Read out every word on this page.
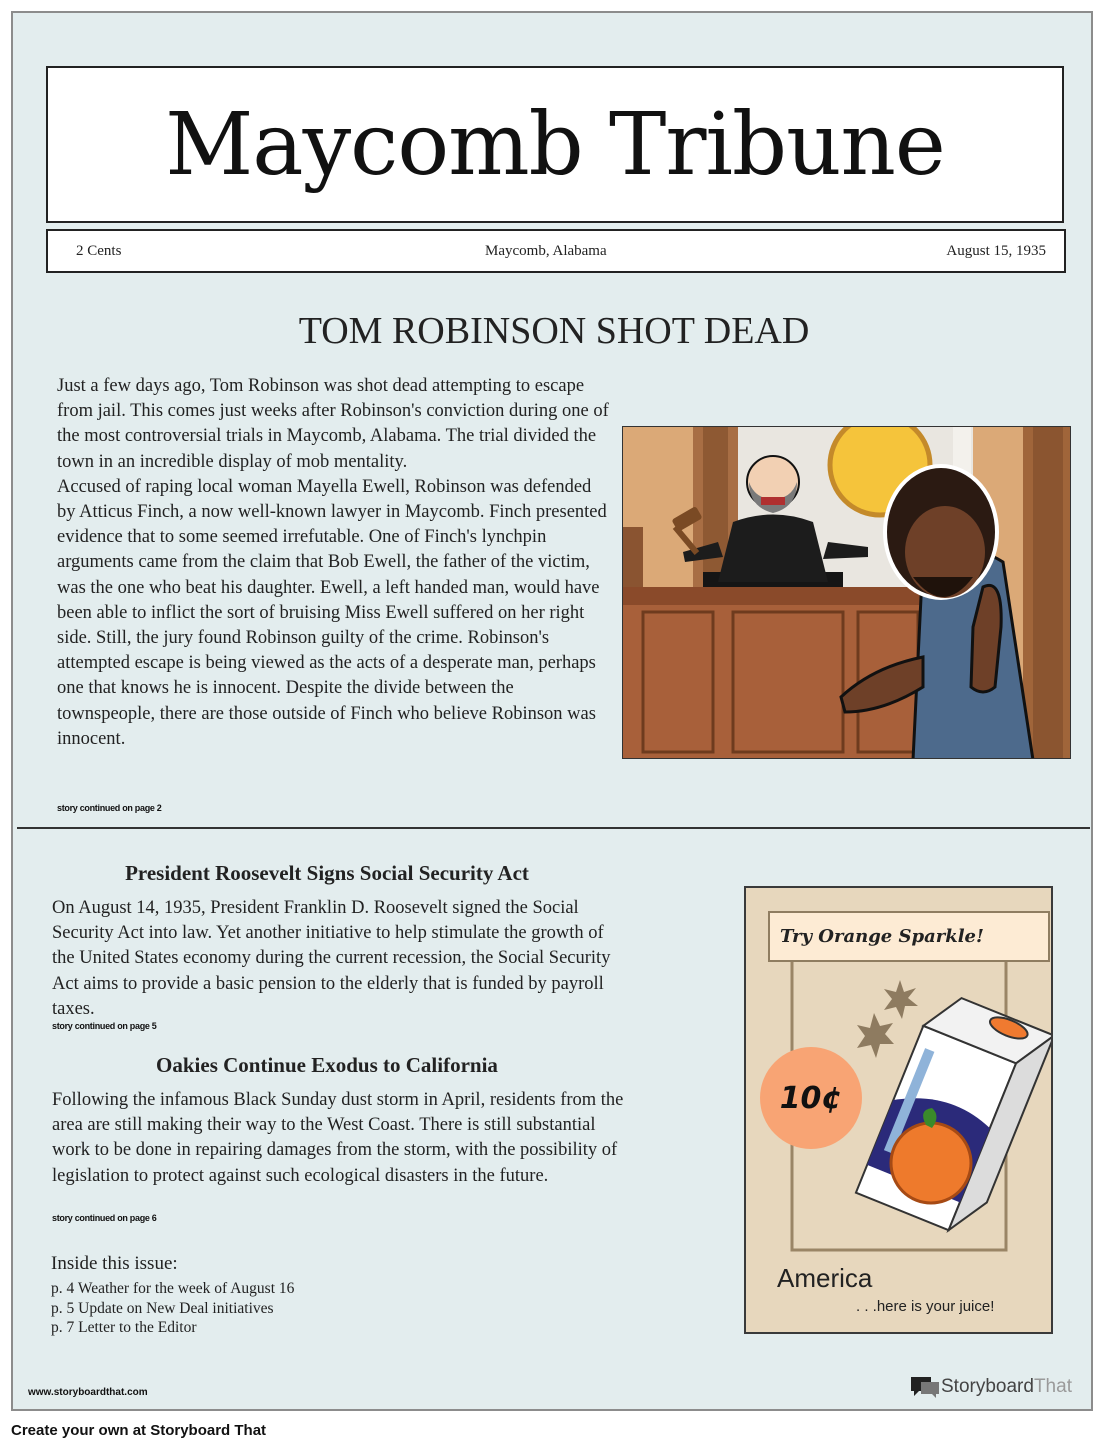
Maycomb Tribune
2 Cents	Maycomb, Alabama	August 15, 1935
TOM ROBINSON SHOT DEAD

Just a few days ago, Tom Robinson was shot dead attempting to escape from jail. This comes just weeks after Robinson's conviction during one of the most controversial trials in Maycomb, Alabama. The trial divided the town in an incredible display of mob mentality.

Accused of raping local woman Mayella Ewell, Robinson was defended by Atticus Finch, a now well-known lawyer in Maycomb. Finch presented evidence that to some seemed irrefutable. One of Finch's lynchpin arguments came from the claim that Bob Ewell, the father of the victim, was the one who beat his daughter. Ewell, a left handed man, would have been able to inflict the sort of bruising Miss Ewell suffered on her right side. Still, the jury found Robinson guilty of the crime. Robinson's attempted escape is being viewed as the acts of a desperate man, perhaps one that knows he is innocent. Despite the divide between the townspeople, there are those outside of Finch who believe Robinson was innocent.

story continued on page 2
President Roosevelt Signs Social Security Act

On August 14, 1935, President Franklin D. Roosevelt signed the Social Security Act into law. Yet another initiative to help stimulate the growth of the United States economy during the current recession, the Social Security Act aims to provide a basic pension to the elderly that is funded by payroll taxes.

story continued on page 5
Oakies Continue Exodus to California

Following the infamous Black Sunday dust storm in April, residents from the area are still making their way to the West Coast. There is still substantial work to be done in repairing damages from the storm, with the possibility of legislation to protect against such ecological disasters in the future.

story continued on page 6
Inside this issue:
p. 4 Weather for the week of August 16
p. 5 Update on New Deal initiatives
p. 7 Letter to the Editor
Try Orange Sparkle!
10¢
America
. . .here is your juice!
www.storyboardthat.com	Storyboard That
Create your own at Storyboard That
